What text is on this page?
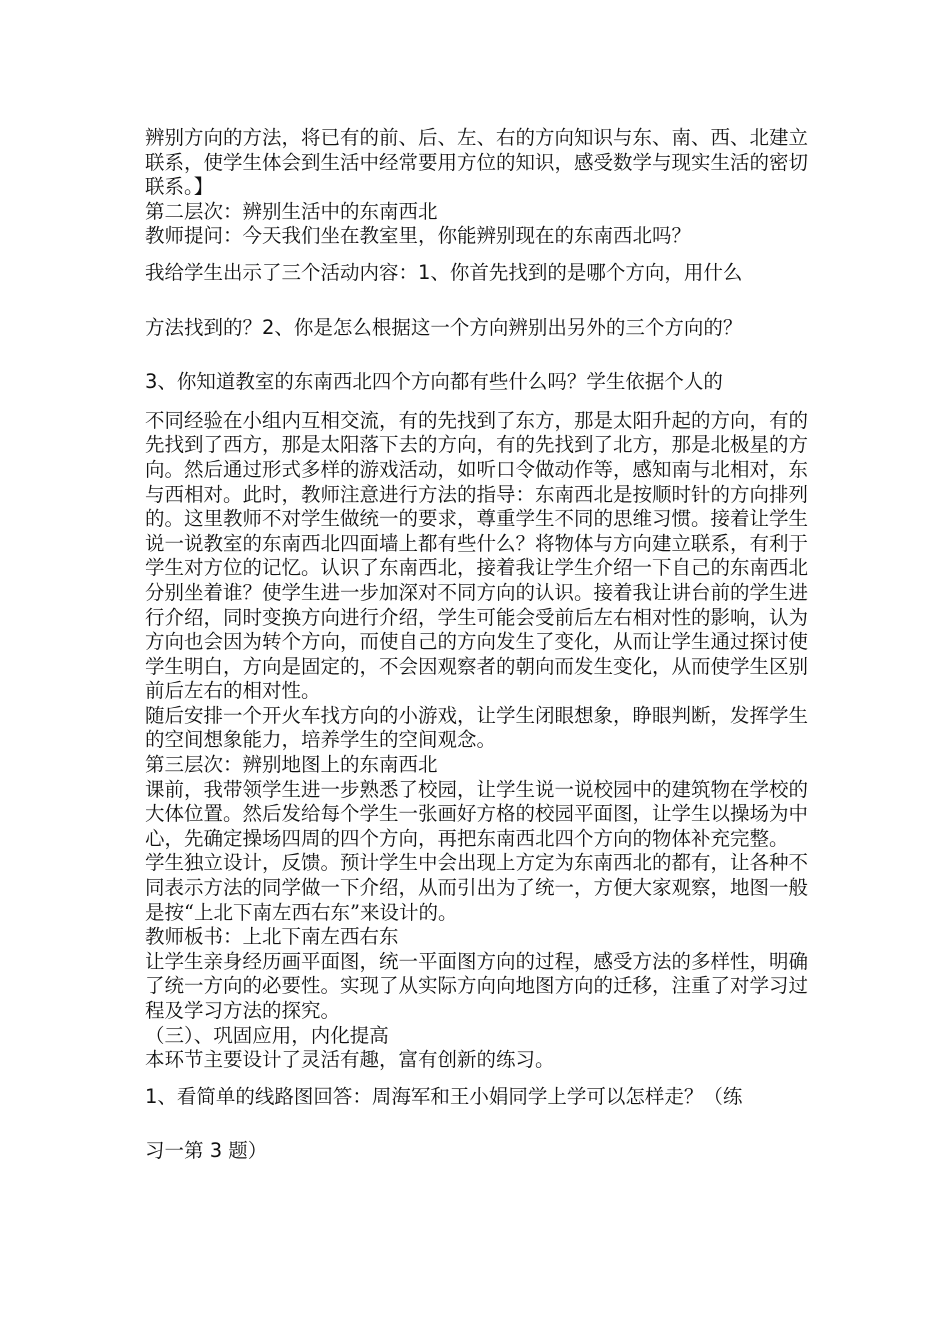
辨别方向的方法，将已有的前、后、左、右的方向知识与东、南、西、北建立联系，使学生体会到生活中经常要用方位的知识，感受数学与现实生活的密切联系。】

第二层次：辨别生活中的东南西北

教师提问：今天我们坐在教室里，你能辨别现在的东南西北吗？

我给学生出示了三个活动内容：1、你首先找到的是哪个方向，用什么

方法找到的？2、你是怎么根据这一个方向辨别出另外的三个方向的？

3、你知道教室的东南西北四个方向都有些什么吗？学生依据个人的

不同经验在小组内互相交流，有的先找到了东方，那是太阳升起的方向，有的先找到了西方，那是太阳落下去的方向，有的先找到了北方，那是北极星的方向。然后通过形式多样的游戏活动，如听口令做动作等，感知南与北相对，东与西相对。此时，教师注意进行方法的指导：东南西北是按顺时针的方向排列的。这里教师不对学生做统一的要求，尊重学生不同的思维习惯。接着让学生说一说教室的东南西北四面墙上都有些什么？将物体与方向建立联系，有利于学生对方位的记忆。认识了东南西北，接着我让学生介绍一下自己的东南西北分别坐着谁？使学生进一步加深对不同方向的认识。接着我让讲台前的学生进行介绍，同时变换方向进行介绍，学生可能会受前后左右相对性的影响，认为方向也会因为转个方向，而使自己的方向发生了变化，从而让学生通过探讨使学生明白，方向是固定的，不会因观察者的朝向而发生变化，从而使学生区别前后左右的相对性。

随后安排一个开火车找方向的小游戏，让学生闭眼想象，睁眼判断，发挥学生的空间想象能力，培养学生的空间观念。

第三层次：辨别地图上的东南西北

课前，我带领学生进一步熟悉了校园，让学生说一说校园中的建筑物在学校的大体位置。然后发给每个学生一张画好方格的校园平面图，让学生以操场为中心，先确定操场四周的四个方向，再把东南西北四个方向的物体补充完整。

学生独立设计，反馈。预计学生中会出现上方定为东南西北的都有，让各种不同表示方法的同学做一下介绍，从而引出为了统一，方便大家观察，地图一般是按“上北下南左西右东”来设计的。

教师板书：上北下南左西右东

让学生亲身经历画平面图，统一平面图方向的过程，感受方法的多样性，明确了统一方向的必要性。实现了从实际方向向地图方向的迁移，注重了对学习过程及学习方法的探究。

（三）、巩固应用，内化提高

本环节主要设计了灵活有趣，富有创新的练习。

1、看简单的线路图回答：周海军和王小娟同学上学可以怎样走？（练

习一第 3 题）
